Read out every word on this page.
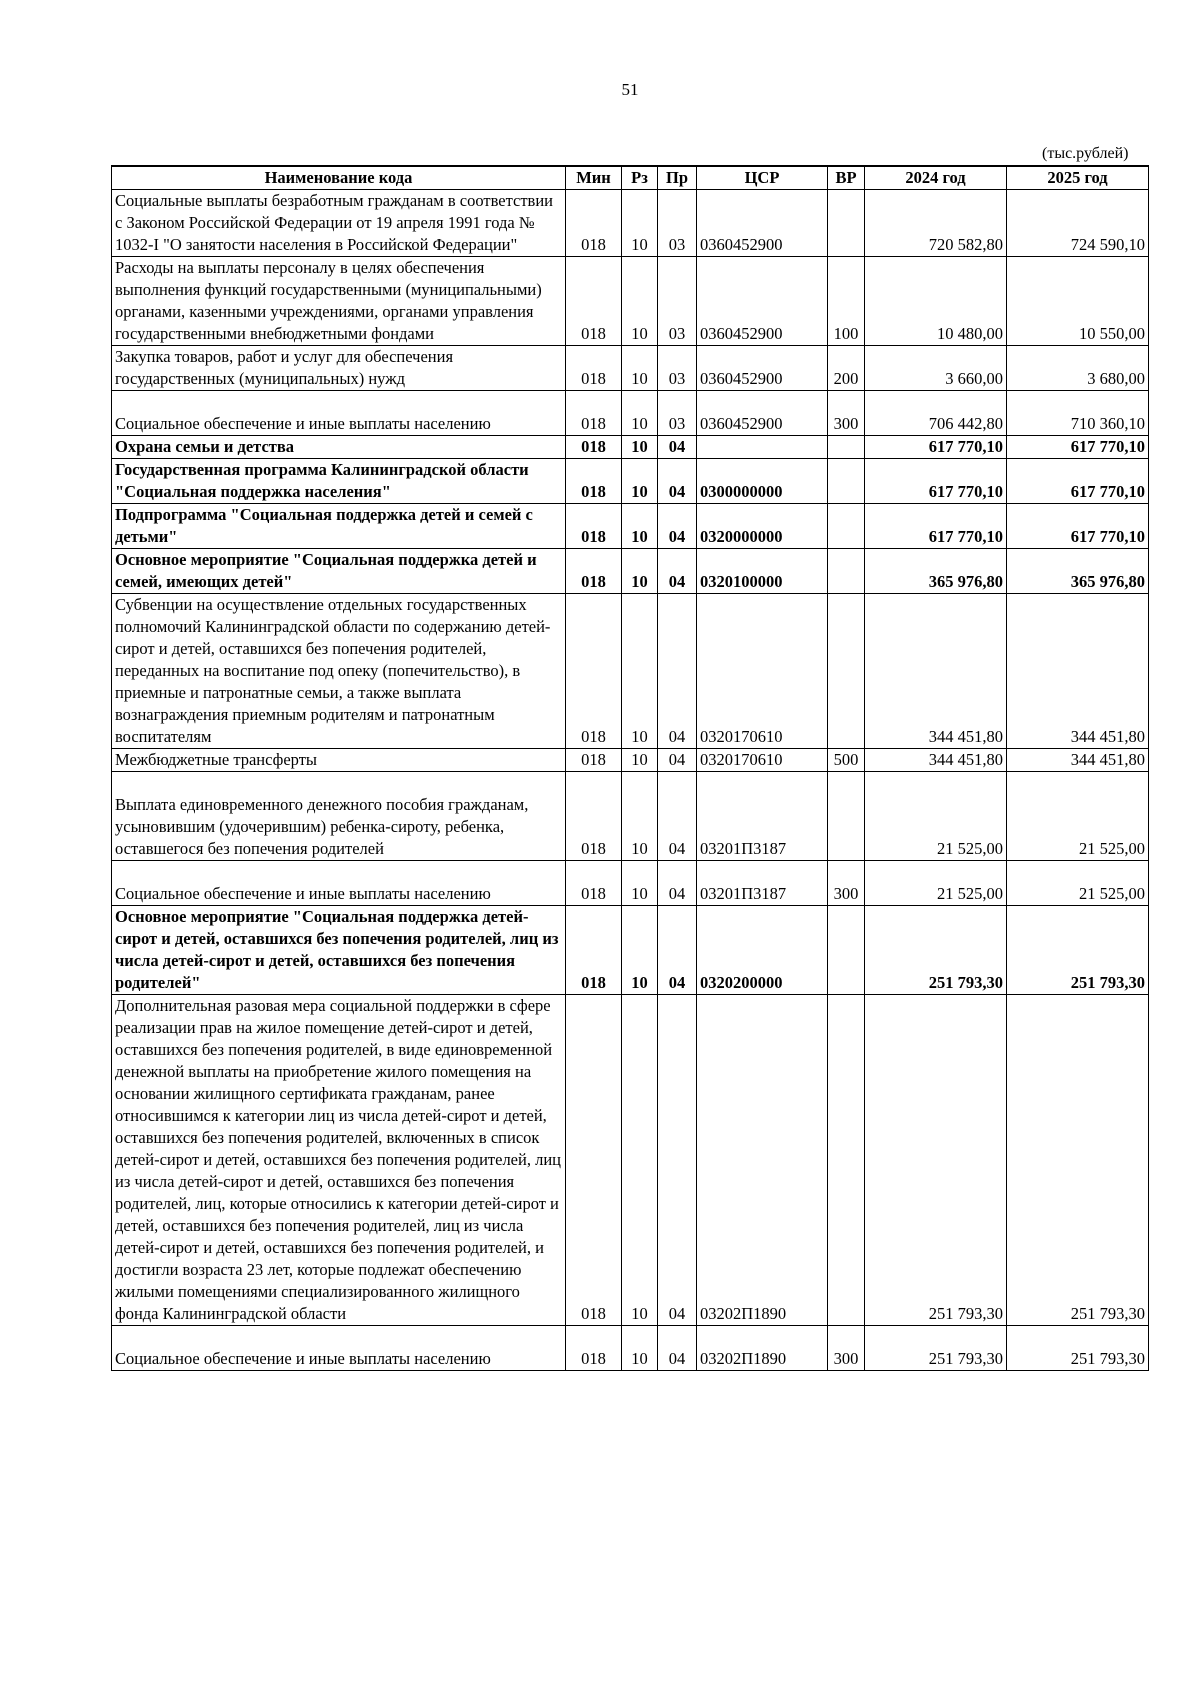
51
(тыс.рублей)
Наименование кода	Мин	Рз	Пр	ЦСР	ВР	2024 год	2025 год
Социальные выплаты безработным гражданам в соответствии с Законом Российской Федерации от 19 апреля 1991 года № 1032-I "О занятости населения в Российской Федерации"	018	10	03	0360452900		720 582,80	724 590,10
Расходы на выплаты персоналу в целях обеспечения выполнения функций государственными (муниципальными) органами, казенными учреждениями, органами управления государственными внебюджетными фондами	018	10	03	0360452900	100	10 480,00	10 550,00
Закупка товаров, работ и услуг для обеспечения государственных (муниципальных) нужд	018	10	03	0360452900	200	3 660,00	3 680,00
Социальное обеспечение и иные выплаты населению	018	10	03	0360452900	300	706 442,80	710 360,10
Охрана семьи и детства	018	10	04			617 770,10	617 770,10
Государственная программа Калининградской области "Социальная поддержка населения"	018	10	04	0300000000		617 770,10	617 770,10
Подпрограмма "Социальная поддержка детей и семей с детьми"	018	10	04	0320000000		617 770,10	617 770,10
Основное мероприятие "Социальная поддержка детей и семей, имеющих детей"	018	10	04	0320100000		365 976,80	365 976,80
Субвенции на осуществление отдельных государственных полномочий Калининградской области по содержанию детей-сирот и детей, оставшихся без попечения родителей, переданных на воспитание под опеку (попечительство), в приемные и патронатные семьи, а также выплата вознаграждения приемным родителям и патронатным воспитателям	018	10	04	0320170610		344 451,80	344 451,80
Межбюджетные трансферты	018	10	04	0320170610	500	344 451,80	344 451,80
Выплата единовременного денежного пособия гражданам, усыновившим (удочерившим) ребенка-сироту, ребенка, оставшегося без попечения родителей	018	10	04	03201П3187		21 525,00	21 525,00
Социальное обеспечение и иные выплаты населению	018	10	04	03201П3187	300	21 525,00	21 525,00
Основное мероприятие "Социальная поддержка детей-сирот и детей, оставшихся без попечения родителей, лиц из числа детей-сирот и детей, оставшихся без попечения родителей"	018	10	04	0320200000		251 793,30	251 793,30
Дополнительная разовая мера социальной поддержки в сфере реализации прав на жилое помещение детей-сирот и детей, оставшихся без попечения родителей, в виде единовременной денежной выплаты на приобретение жилого помещения на основании жилищного сертификата гражданам, ранее относившимся к категории лиц из числа детей-сирот и детей, оставшихся без попечения родителей, включенных в список детей-сирот и детей, оставшихся без попечения родителей, лиц из числа детей-сирот и детей, оставшихся без попечения родителей, лиц, которые относились к категории детей-сирот и детей, оставшихся без попечения родителей, лиц из числа детей-сирот и детей, оставшихся без попечения родителей, и достигли возраста 23 лет, которые подлежат обеспечению жилыми помещениями специализированного жилищного фонда Калининградской области	018	10	04	03202П1890		251 793,30	251 793,30
Социальное обеспечение и иные выплаты населению	018	10	04	03202П1890	300	251 793,30	251 793,30
